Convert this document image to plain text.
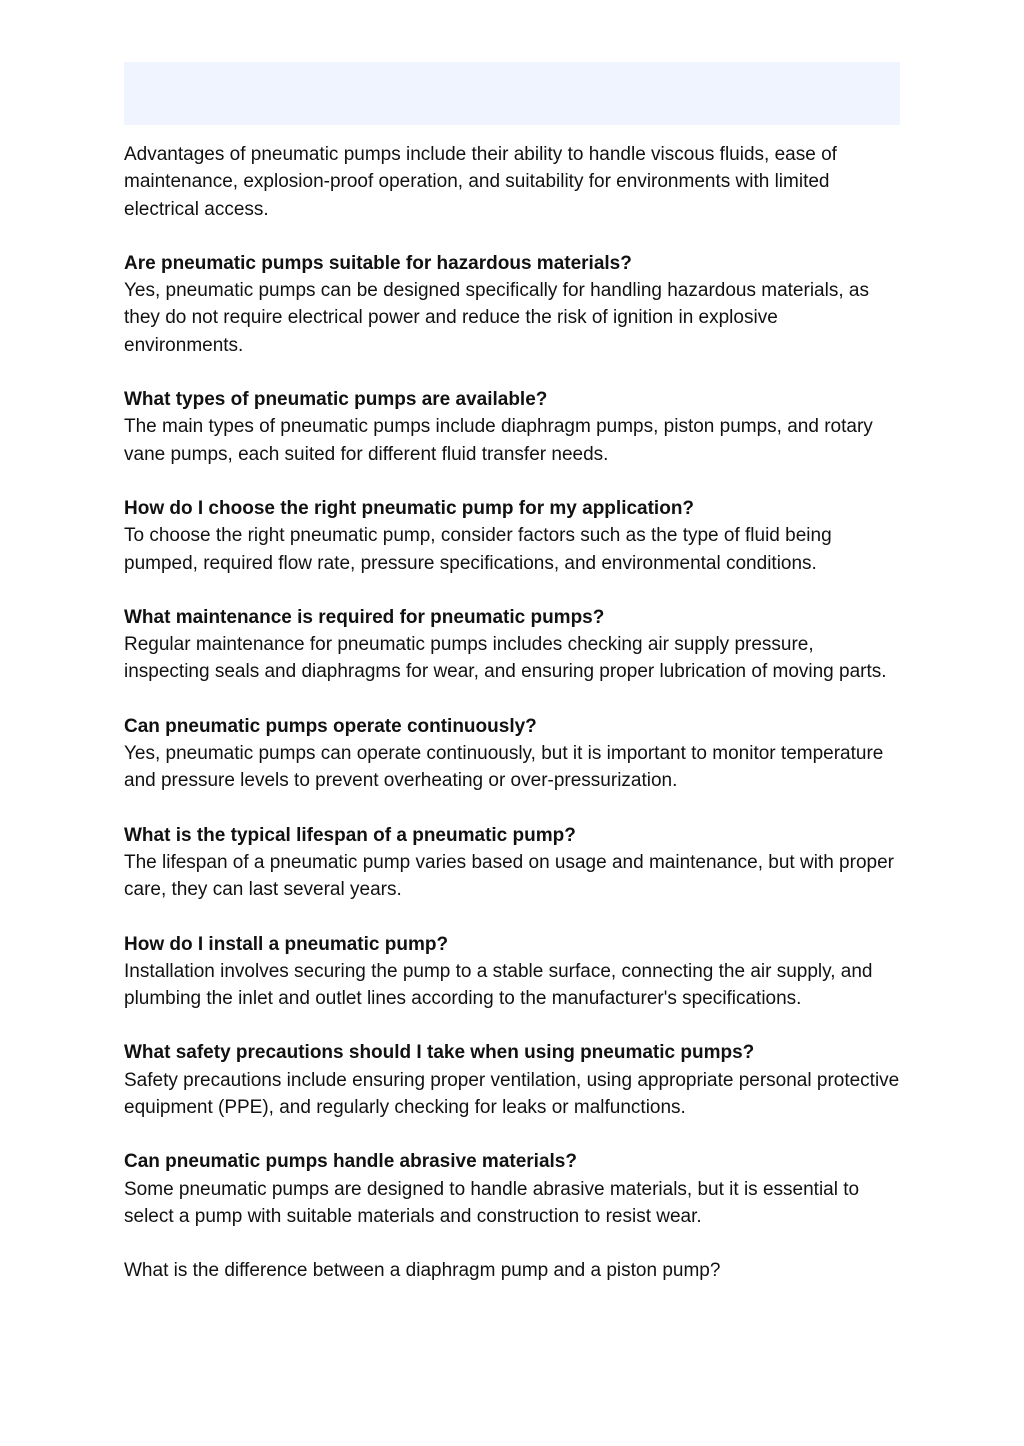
Advantages of pneumatic pumps include their ability to handle viscous fluids, ease of maintenance, explosion-proof operation, and suitability for environments with limited electrical access.

Are pneumatic pumps suitable for hazardous materials?

Yes, pneumatic pumps can be designed specifically for handling hazardous materials, as they do not require electrical power and reduce the risk of ignition in explosive environments.

What types of pneumatic pumps are available?

The main types of pneumatic pumps include diaphragm pumps, piston pumps, and rotary vane pumps, each suited for different fluid transfer needs.

How do I choose the right pneumatic pump for my application?

To choose the right pneumatic pump, consider factors such as the type of fluid being pumped, required flow rate, pressure specifications, and environmental conditions.

What maintenance is required for pneumatic pumps?

Regular maintenance for pneumatic pumps includes checking air supply pressure, inspecting seals and diaphragms for wear, and ensuring proper lubrication of moving parts.

Can pneumatic pumps operate continuously?

Yes, pneumatic pumps can operate continuously, but it is important to monitor temperature and pressure levels to prevent overheating or over-pressurization.

What is the typical lifespan of a pneumatic pump?

The lifespan of a pneumatic pump varies based on usage and maintenance, but with proper care, they can last several years.

How do I install a pneumatic pump?

Installation involves securing the pump to a stable surface, connecting the air supply, and plumbing the inlet and outlet lines according to the manufacturer's specifications.

What safety precautions should I take when using pneumatic pumps?

Safety precautions include ensuring proper ventilation, using appropriate personal protective equipment (PPE), and regularly checking for leaks or malfunctions.

Can pneumatic pumps handle abrasive materials?

Some pneumatic pumps are designed to handle abrasive materials, but it is essential to select a pump with suitable materials and construction to resist wear.

What is the difference between a diaphragm pump and a piston pump?
